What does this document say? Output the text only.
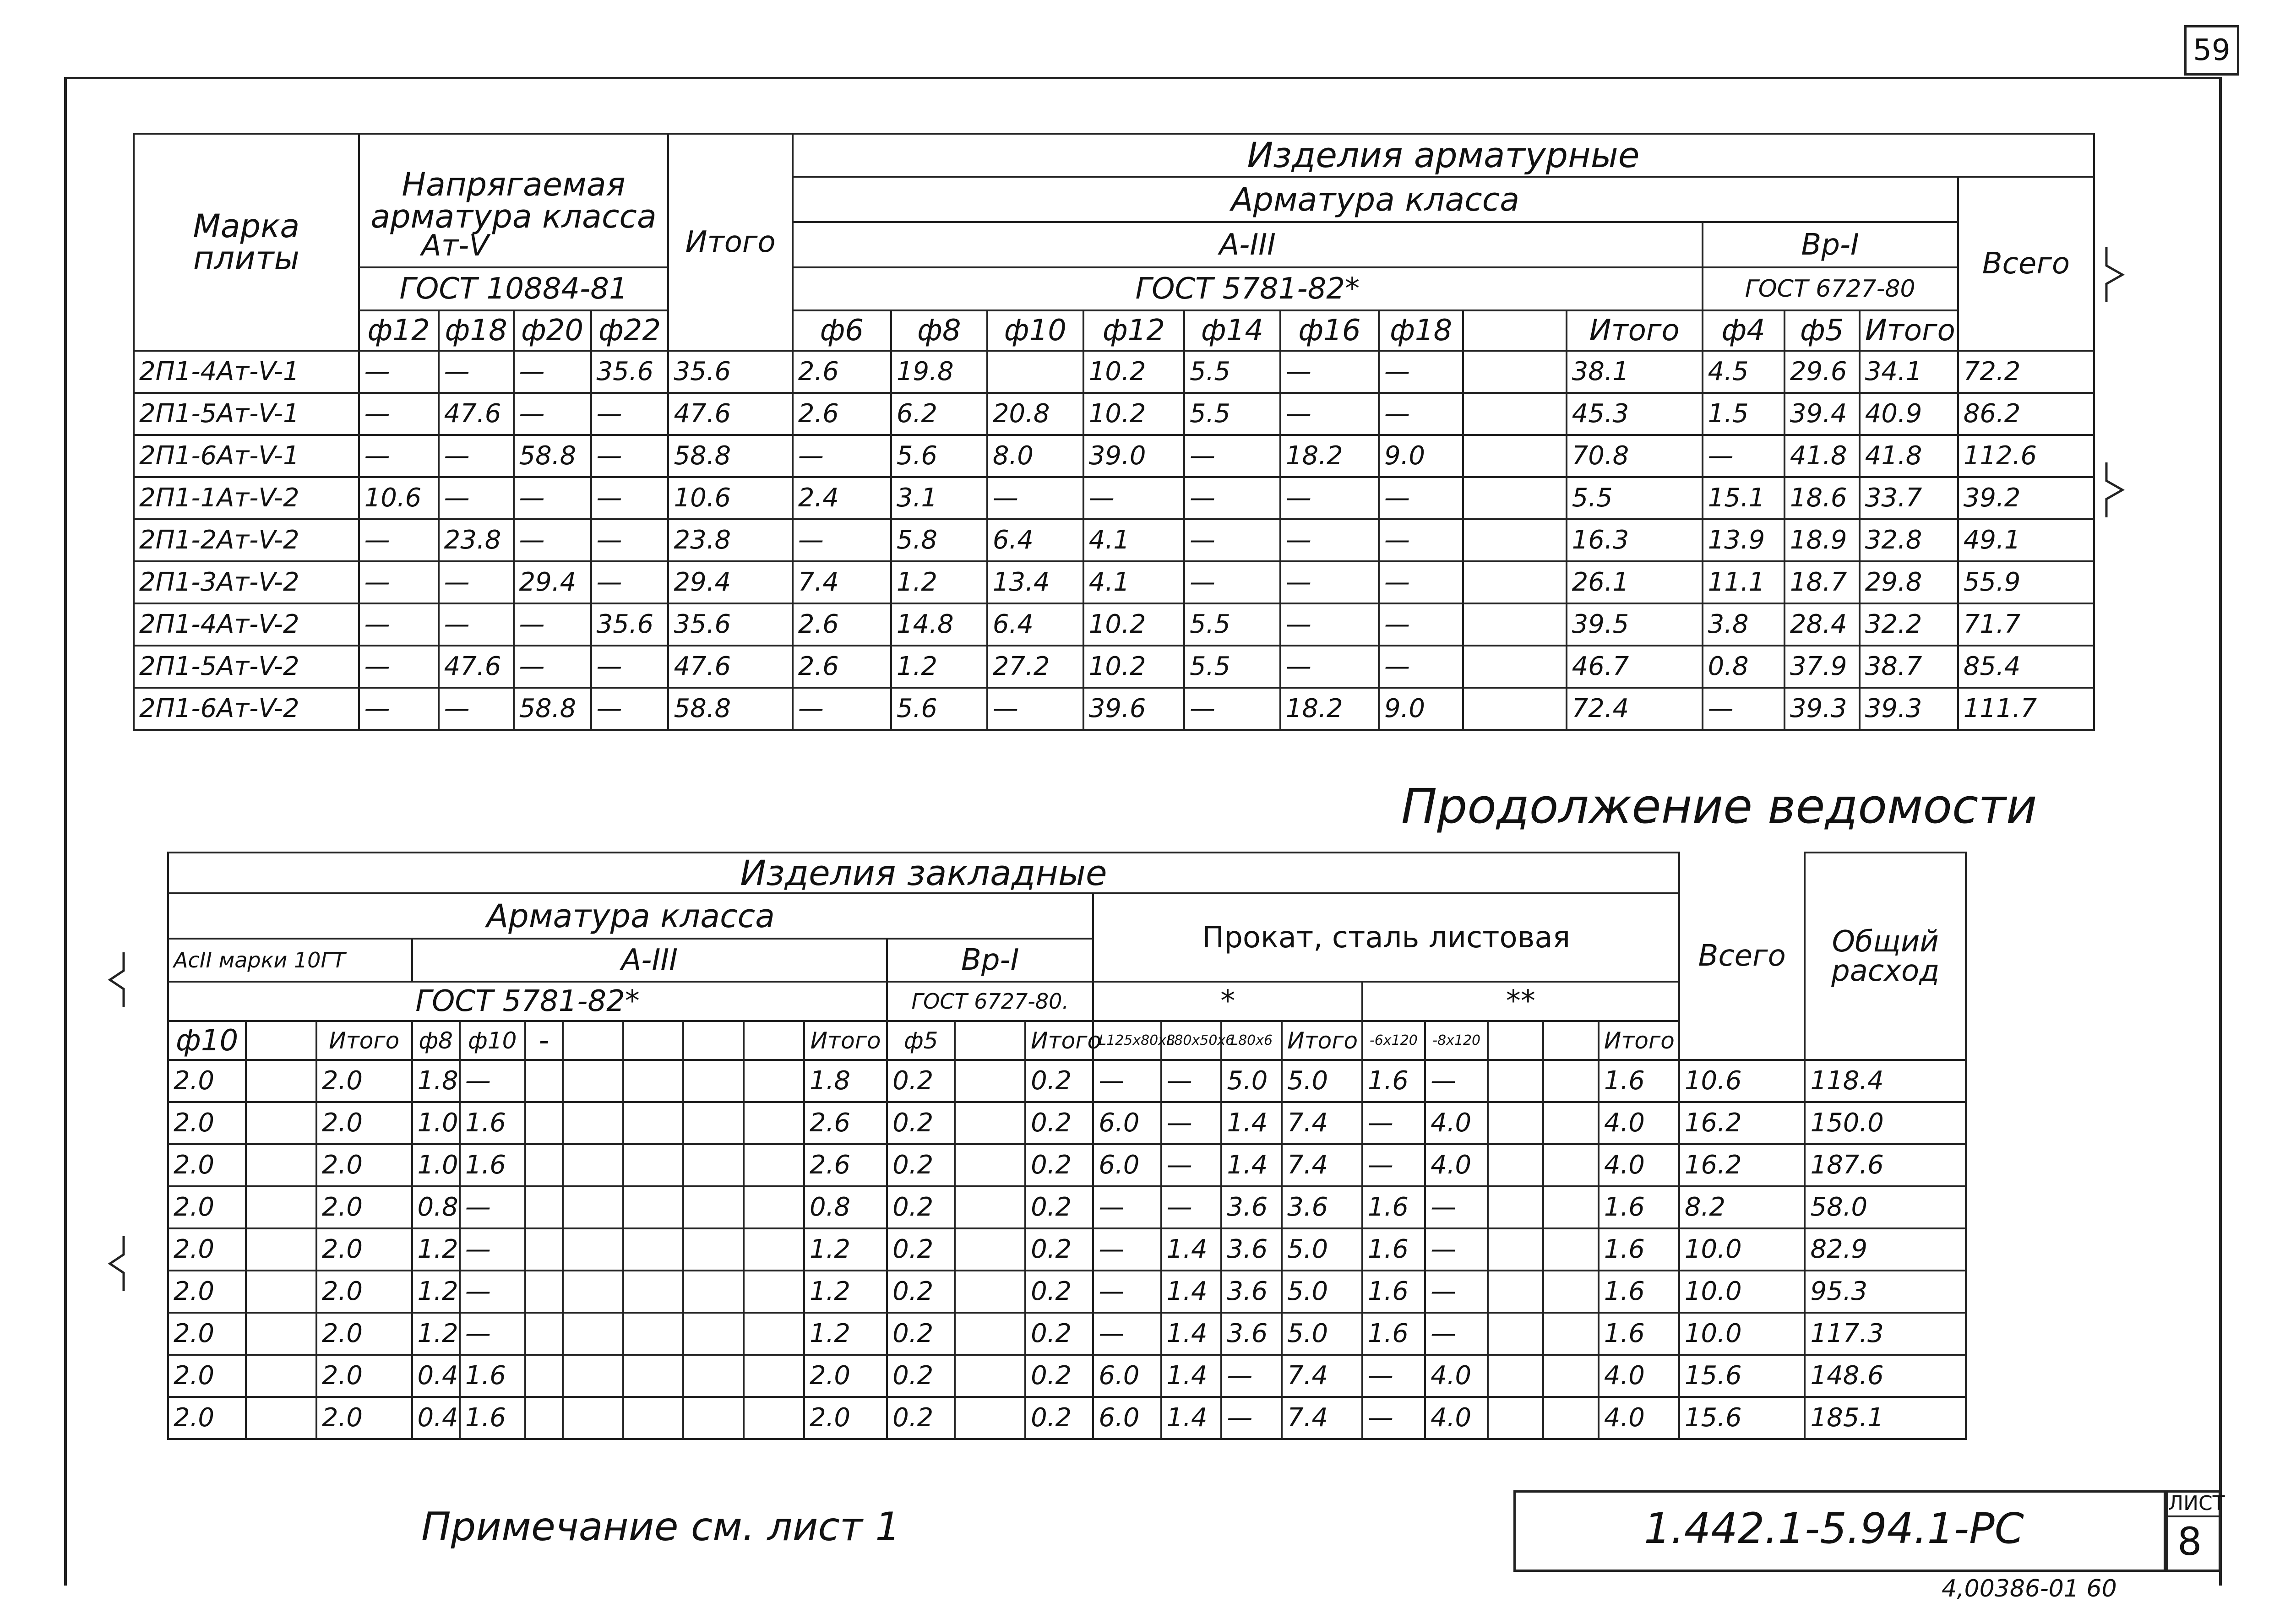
59
Марка плиты	Напрягаемая арматура класса				Итого	Изделия арматурные												
						Арматура класса												Всего
						А-III									Вр-I			
	ГОСТ 10884-81					ГОСТ 5781-82*									ГОСТ 6727-80			
	ф12	ф18	ф20	ф22		ф6	ф8	ф10	ф12	ф14	ф16	ф18		Итого	ф4	ф5	Итого	
2П1-4Ат-V-1	—	—	—	35.6	35.6	2.6	19.8		10.2	5.5	—	—		38.1	4.5	29.6	34.1	72.2
2П1-5Ат-V-1	—	47.6	—	—	47.6	2.6	6.2	20.8	10.2	5.5	—	—		45.3	1.5	39.4	40.9	86.2
2П1-6Ат-V-1	—	—	58.8	—	58.8	—	5.6	8.0	39.0	—	18.2	9.0		70.8	—	41.8	41.8	112.6
2П1-1Ат-V-2	10.6	—	—	—	10.6	2.4	3.1	—	—	—	—	—		5.5	15.1	18.6	33.7	39.2
2П1-2Ат-V-2	—	23.8	—	—	23.8	—	5.8	6.4	4.1	—	—	—		16.3	13.9	18.9	32.8	49.1
2П1-3Ат-V-2	—	—	29.4	—	29.4	7.4	1.2	13.4	4.1	—	—	—		26.1	11.1	18.7	29.8	55.9
2П1-4Ат-V-2	—	—	—	35.6	35.6	2.6	14.8	6.4	10.2	5.5	—	—		39.5	3.8	28.4	32.2	71.7
2П1-5Ат-V-2	—	47.6	—	—	47.6	2.6	1.2	27.2	10.2	5.5	—	—		46.7	0.8	37.9	38.7	85.4
2П1-6Ат-V-2	—	—	58.8	—	58.8	—	5.6	—	39.6	—	18.2	9.0		72.4	—	39.3	39.3	111.7
Ат-V
Продолжение ведомости
Изделия закладные																							Всего	Общий расход
Арматура класса														Прокат, сталь листовая										
АсII марки 10ГТ			А-III								Вр-I													
ГОСТ 5781-82*											ГОСТ 6727-80.			*				**						
ф10		Итого	ф8	ф10	-					Итого	ф5		Итого	L125x80x8	L80x50x6	L80x6	Итого	-6x120	-8x120			Итого		
2.0		2.0	1.8	—						1.8	0.2		0.2	—	—	5.0	5.0	1.6	—			1.6	10.6	118.4
2.0		2.0	1.0	1.6						2.6	0.2		0.2	6.0	—	1.4	7.4	—	4.0			4.0	16.2	150.0
2.0		2.0	1.0	1.6						2.6	0.2		0.2	6.0	—	1.4	7.4	—	4.0			4.0	16.2	187.6
2.0		2.0	0.8	—						0.8	0.2		0.2	—	—	3.6	3.6	1.6	—			1.6	8.2	58.0
2.0		2.0	1.2	—						1.2	0.2		0.2	—	1.4	3.6	5.0	1.6	—			1.6	10.0	82.9
2.0		2.0	1.2	—						1.2	0.2		0.2	—	1.4	3.6	5.0	1.6	—			1.6	10.0	95.3
2.0		2.0	1.2	—						1.2	0.2		0.2	—	1.4	3.6	5.0	1.6	—			1.6	10.0	117.3
2.0		2.0	0.4	1.6						2.0	0.2		0.2	6.0	1.4	—	7.4	—	4.0			4.0	15.6	148.6
2.0		2.0	0.4	1.6						2.0	0.2		0.2	6.0	1.4	—	7.4	—	4.0			4.0	15.6	185.1
Примечание см. лист 1	1.442.1-5.94.1-РС
ЛИСТ
8
4,00386-01 60
